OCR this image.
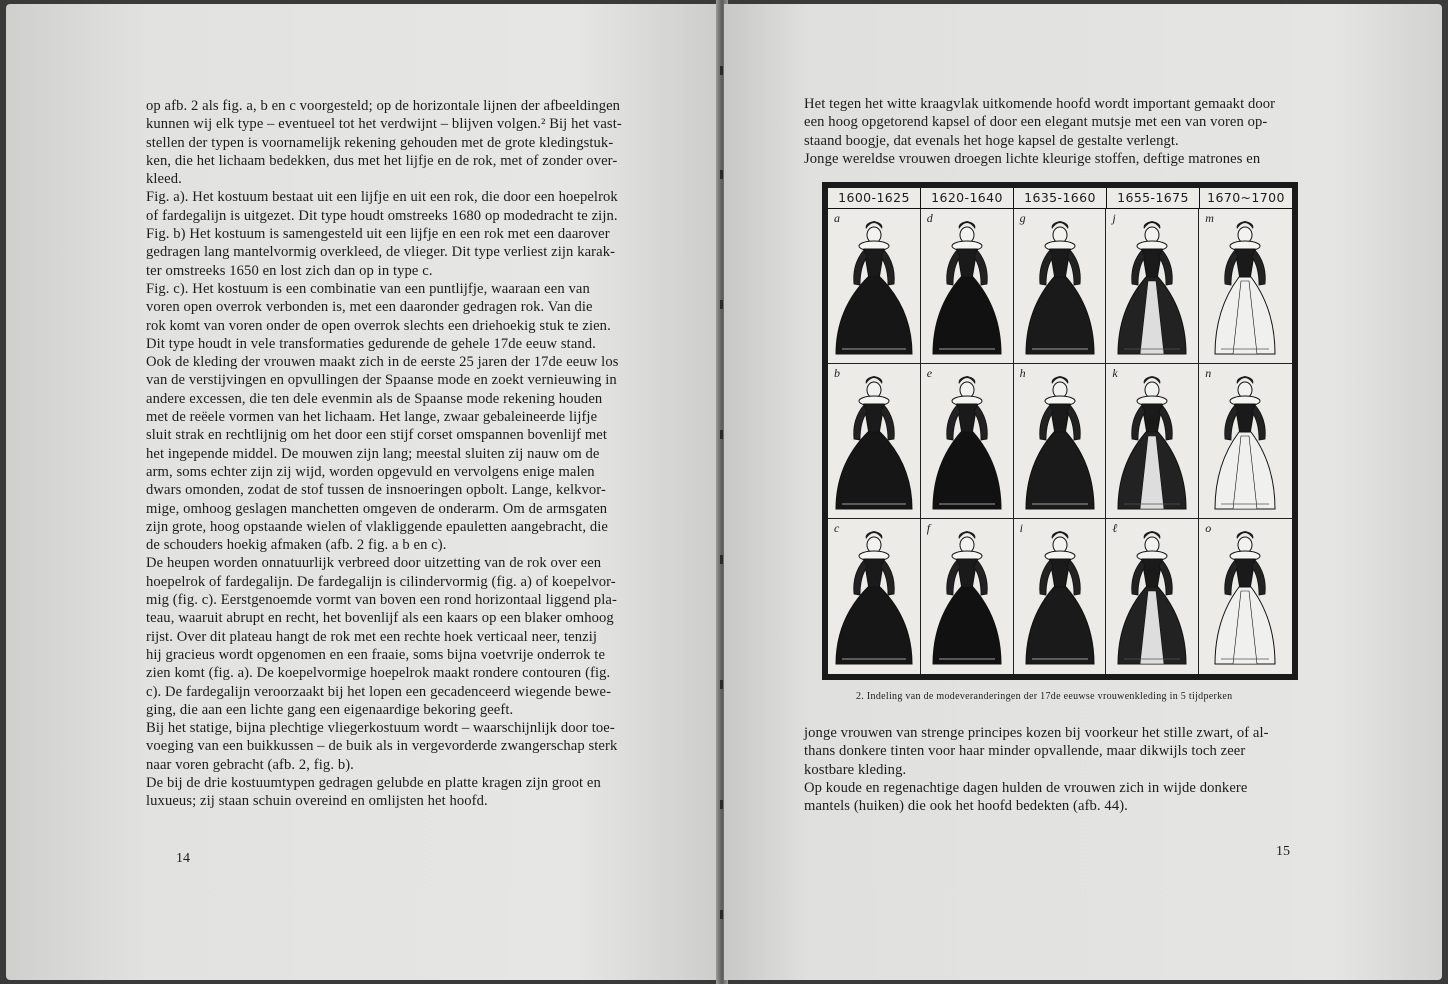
op afb. 2 als fig. a, b en c voorgesteld; op de horizontale lijnen der afbeeldingen
kunnen wij elk type – eventueel tot het verdwijnt – blijven volgen.² Bij het vast-
stellen der typen is voornamelijk rekening gehouden met de grote kledingstuk-
ken, die het lichaam bedekken, dus met het lijfje en de rok, met of zonder over-
kleed.
Fig. a). Het kostuum bestaat uit een lijfje en uit een rok, die door een hoepelrok
of fardegalijn is uitgezet. Dit type houdt omstreeks 1680 op modedracht te zijn.
Fig. b) Het kostuum is samengesteld uit een lijfje en een rok met een daarover
gedragen lang mantelvormig overkleed, de vlieger. Dit type verliest zijn karak-
ter omstreeks 1650 en lost zich dan op in type c.
Fig. c). Het kostuum is een combinatie van een puntlijfje, waaraan een van
voren open overrok verbonden is, met een daaronder gedragen rok. Van die
rok komt van voren onder de open overrok slechts een driehoekig stuk te zien.
Dit type houdt in vele transformaties gedurende de gehele 17de eeuw stand.
Ook de kleding der vrouwen maakt zich in de eerste 25 jaren der 17de eeuw los
van de verstijvingen en opvullingen der Spaanse mode en zoekt vernieuwing in
andere excessen, die ten dele evenmin als de Spaanse mode rekening houden
met de reëele vormen van het lichaam. Het lange, zwaar gebaleineerde lijfje
sluit strak en rechtlijnig om het door een stijf corset omspannen bovenlijf met
het ingepende middel. De mouwen zijn lang; meestal sluiten zij nauw om de
arm, soms echter zijn zij wijd, worden opgevuld en vervolgens enige malen
dwars omonden, zodat de stof tussen de insnoeringen opbolt. Lange, kelkvor-
mige, omhoog geslagen manchetten omgeven de onderarm. Om de armsgaten
zijn grote, hoog opstaande wielen of vlakliggende epauletten aangebracht, die
de schouders hoekig afmaken (afb. 2 fig. a b en c).
De heupen worden onnatuurlijk verbreed door uitzetting van de rok over een
hoepelrok of fardegalijn. De fardegalijn is cilindervormig (fig. a) of koepelvor-
mig (fig. c). Eerstgenoemde vormt van boven een rond horizontaal liggend pla-
teau, waaruit abrupt en recht, het bovenlijf als een kaars op een blaker omhoog
rijst. Over dit plateau hangt de rok met een rechte hoek verticaal neer, tenzij
hij gracieus wordt opgenomen en een fraaie, soms bijna voetvrije onderrok te
zien komt (fig. a). De koepelvormige hoepelrok maakt rondere contouren (fig.
c). De fardegalijn veroorzaakt bij het lopen een gecadenceerd wiegende bewe-
ging, die aan een lichte gang een eigenaardige bekoring geeft.
Bij het statige, bijna plechtige vliegerkostuum wordt – waarschijnlijk door toe-
voeging van een buikkussen – de buik als in vergevorderde zwangerschap sterk
naar voren gebracht (afb. 2, fig. b).
De bij de drie kostuumtypen gedragen gelubde en platte kragen zijn groot en
luxueus; zij staan schuin overeind en omlijsten het hoofd.
14
Het tegen het witte kraagvlak uitkomende hoofd wordt important gemaakt door
een hoog opgetorend kapsel of door een elegant mutsje met een van voren op-
staand boogje, dat evenals het hoge kapsel de gestalte verlengt.
Jonge wereldse vrouwen droegen lichte kleurige stoffen, deftige matrones en
1600-1625	1620-1640	1635-1660	1655-1675	1670~1700
a	d	g	j	m
b	e	h	k	n
c	f	i	ℓ	o
2. Indeling van de modeveranderingen der 17de eeuwse vrouwenkleding in 5 tijdperken
jonge vrouwen van strenge principes kozen bij voorkeur het stille zwart, of al-
thans donkere tinten voor haar minder opvallende, maar dikwijls toch zeer
kostbare kleding.
Op koude en regenachtige dagen hulden de vrouwen zich in wijde donkere
mantels (huiken) die ook het hoofd bedekten (afb. 44).
15
